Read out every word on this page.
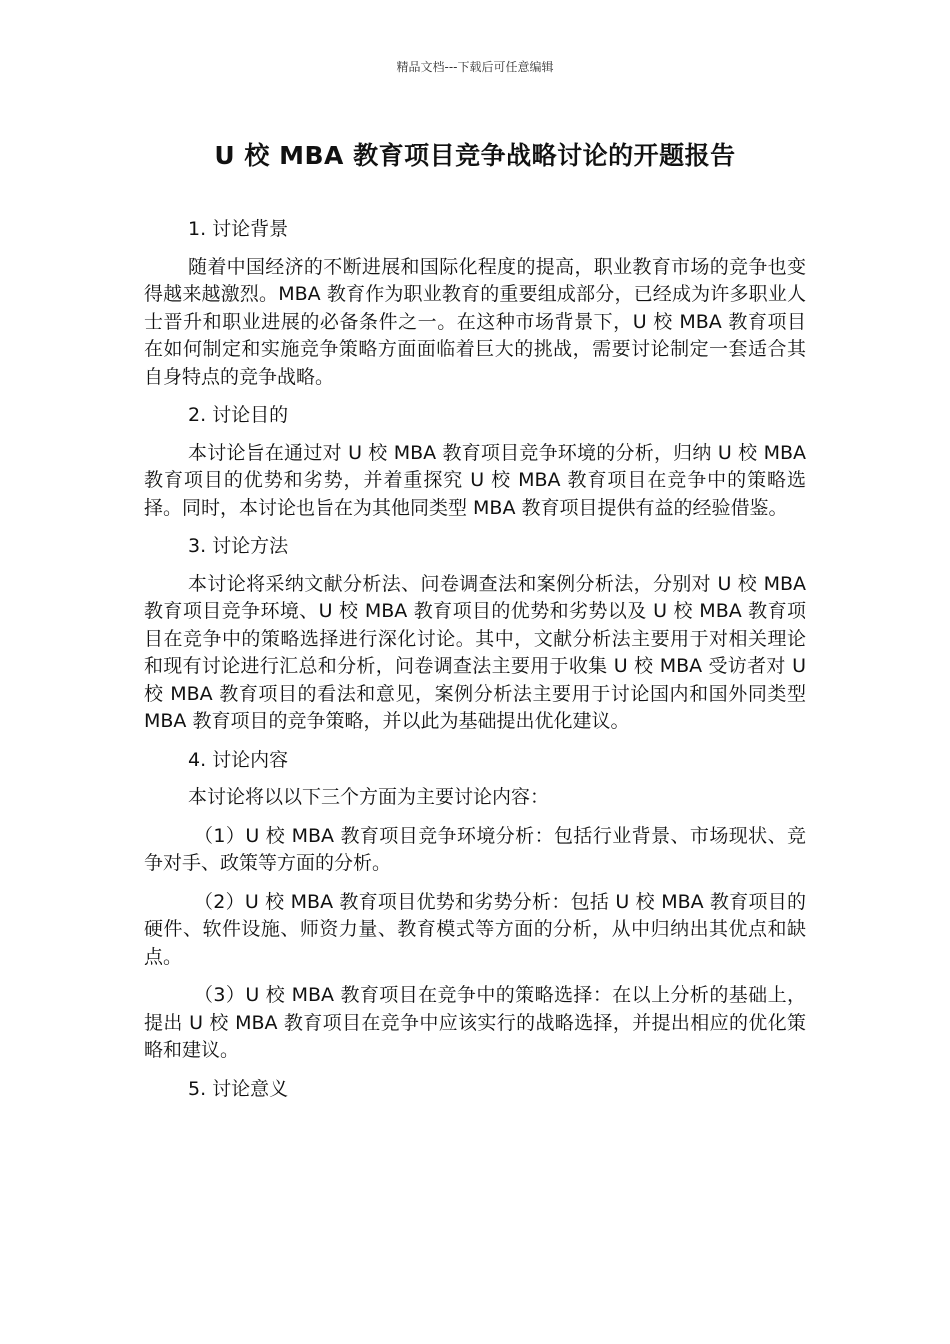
精品文档---下载后可任意编辑
U 校 MBA 教育项目竞争战略讨论的开题报告
1. 讨论背景

随着中国经济的不断进展和国际化程度的提高，职业教育市场的竞争也变得越来越激烈。MBA 教育作为职业教育的重要组成部分，已经成为许多职业人士晋升和职业进展的必备条件之一。在这种市场背景下，U 校 MBA 教育项目在如何制定和实施竞争策略方面面临着巨大的挑战，需要讨论制定一套适合其自身特点的竞争战略。

2. 讨论目的

本讨论旨在通过对 U 校 MBA 教育项目竞争环境的分析，归纳 U 校 MBA 教育项目的优势和劣势，并着重探究 U 校 MBA 教育项目在竞争中的策略选择。同时，本讨论也旨在为其他同类型 MBA 教育项目提供有益的经验借鉴。

3. 讨论方法

本讨论将采纳文献分析法、问卷调查法和案例分析法，分别对 U 校 MBA 教育项目竞争环境、U 校 MBA 教育项目的优势和劣势以及 U 校 MBA 教育项目在竞争中的策略选择进行深化讨论。其中，文献分析法主要用于对相关理论和现有讨论进行汇总和分析，问卷调查法主要用于收集 U 校 MBA 受访者对 U 校 MBA 教育项目的看法和意见，案例分析法主要用于讨论国内和国外同类型 MBA 教育项目的竞争策略，并以此为基础提出优化建议。

4. 讨论内容

本讨论将以以下三个方面为主要讨论内容：

（1）U 校 MBA 教育项目竞争环境分析：包括行业背景、市场现状、竞争对手、政策等方面的分析。

（2）U 校 MBA 教育项目优势和劣势分析：包括 U 校 MBA 教育项目的硬件、软件设施、师资力量、教育模式等方面的分析，从中归纳出其优点和缺点。

（3）U 校 MBA 教育项目在竞争中的策略选择：在以上分析的基础上，提出 U 校 MBA 教育项目在竞争中应该实行的战略选择，并提出相应的优化策略和建议。

5. 讨论意义
